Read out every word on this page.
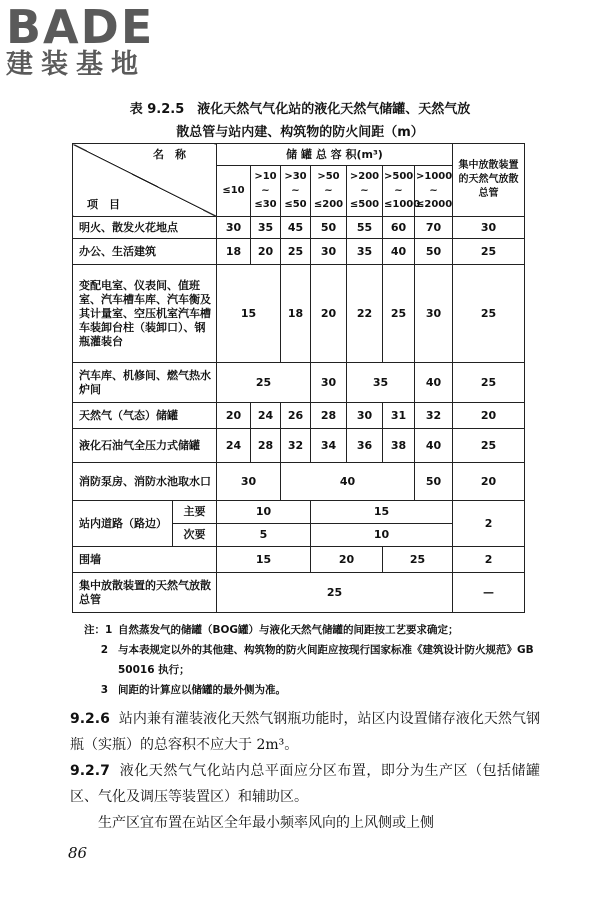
BADE
建装基地
表 9.2.5　液化天然气气化站的液化天然气储罐、天然气放
散总管与站内建、构筑物的防火间距（m）
名　称
项　目		储 罐 总 容 积(m³)							集中放散装置的天然气放散总管
		≤10	>10 ~ ≤30	>30 ~ ≤50	>50 ~ ≤200	>200 ~ ≤500	>500 ~ ≤1000	>1000 ~ ≤2000	
明火、散发火花地点		30	35	45	50	55	60	70	30
办公、生活建筑		18	20	25	30	35	40	50	25
变配电室、仪表间、值班室、汽车槽车库、汽车衡及其计量室、空压机室汽车槽车装卸台柱（装卸口）、钢瓶灌装台		15		18	20	22	25	30	25
汽车库、机修间、燃气热水炉间		25			30	35		40	25
天然气（气态）储罐		20	24	26	28	30	31	32	20
液化石油气全压力式储罐		24	28	32	34	36	38	40	25
消防泵房、消防水池取水口		30		40				50	20
站内道路（路边）	主要	10			15				2
	次要	5			10				
围墙		15			20		25		2
集中放散装置的天然气放散总管		25							—
注：1 自然蒸发气的储罐（BOG罐）与液化天然气储罐的间距按工艺要求确定；
2 与本表规定以外的其他建、构筑物的防火间距应按现行国家标准《建筑设计防火规范》GB 50016 执行；
3 间距的计算应以储罐的最外侧为准。
9.2.6 站内兼有灌装液化天然气钢瓶功能时，站区内设置储存液化天然气钢瓶（实瓶）的总容积不应大于 2m³。
9.2.7 液化天然气气化站内总平面应分区布置，即分为生产区（包括储罐区、气化及调压等装置区）和辅助区。
生产区宜布置在站区全年最小频率风向的上风侧或上侧
86
